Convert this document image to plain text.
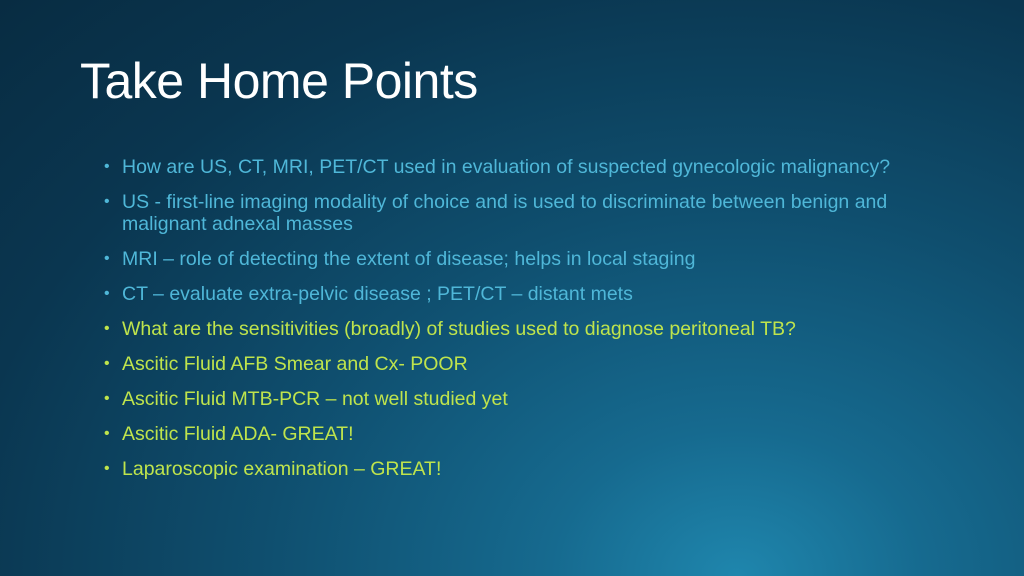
Take Home Points
• How are US, CT, MRI, PET/CT used in evaluation of suspected gynecologic malignancy?
• US - first-line imaging modality of choice and is used to discriminate between benign and malignant adnexal masses
• MRI – role of detecting the extent of disease; helps in local staging
• CT – evaluate extra-pelvic disease ; PET/CT – distant mets
• What are the sensitivities (broadly) of studies used to diagnose peritoneal TB?
• Ascitic Fluid AFB Smear and Cx- POOR
• Ascitic Fluid MTB-PCR – not well studied yet
• Ascitic Fluid ADA- GREAT!
• Laparoscopic examination – GREAT!
